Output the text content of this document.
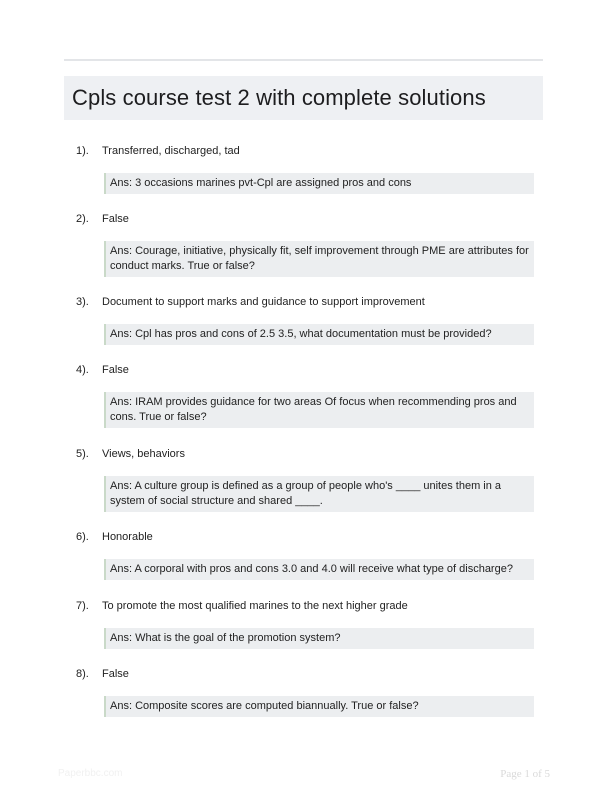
Cpls course test 2 with complete solutions
1). Transferred, discharged, tad
Ans: 3 occasions marines pvt-Cpl are assigned pros and cons
2). False
Ans: Courage, initiative, physically fit, self improvement through PME are attributes for conduct marks. True or false?
3). Document to support marks and guidance to support improvement
Ans: Cpl has pros and cons of 2.5 3.5, what documentation must be provided?
4). False
Ans: IRAM provides guidance for two areas Of focus when recommending pros and cons. True or false?
5). Views, behaviors
Ans: A culture group is defined as a group of people who's ____ unites them in a system of social structure and shared ____.
6). Honorable
Ans: A corporal with pros and cons 3.0 and 4.0 will receive what type of discharge?
7). To promote the most qualified marines to the next higher grade
Ans: What is the goal of the promotion system?
8). False
Ans: Composite scores are computed biannually. True or false?
Paperbbc.com	Page 1 of 5
